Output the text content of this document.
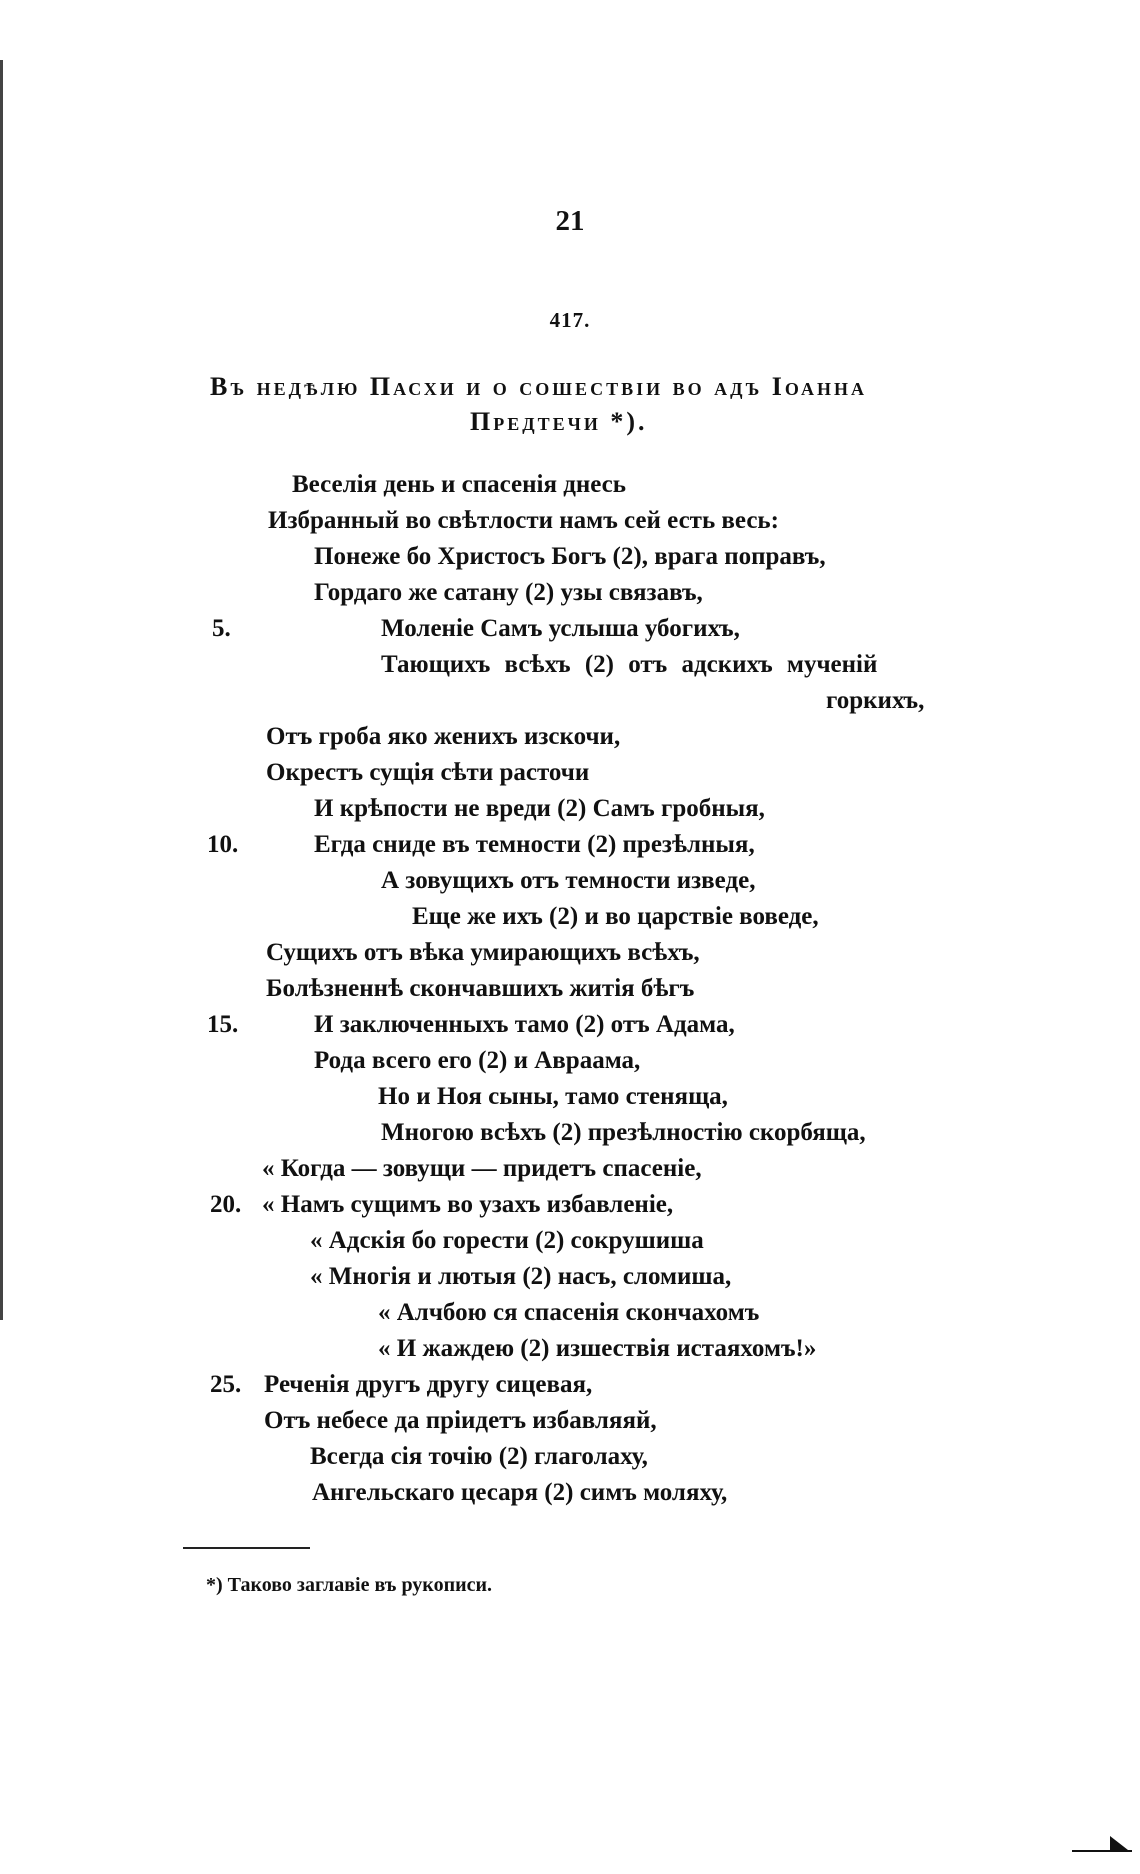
21
417.
Въ недѣлю Пасхи и о сошествіи во адъ Іоанна
Предтечи *).
Веселія день и спасенія днесь
Избранный во свѣтлости намъ сей есть весь:
Понеже бо Христосъ Богъ (2), врага поправъ,
Гордаго же сатану (2) узы связавъ,
5.	Моленіе Самъ услыша убогихъ,
Тающихъ всѣхъ (2) отъ адскихъ мученій
горкихъ,
Отъ гроба яко женихъ изскочи,
Окрестъ сущія сѣти расточи
И крѣпости не вреди (2) Самъ гробныя,
10.	Егда сниде въ темности (2) презѣлныя,
А зовущихъ отъ темности изведе,
Еще же ихъ (2) и во царствіе воведе,
Сущихъ отъ вѣка умирающихъ всѣхъ,
Болѣзненнѣ скончавшихъ житія бѣгъ
15.	И заключенныхъ тамо (2) отъ Адама,
Рода всего его (2) и Авраама,
Но и Ноя сыны, тамо стенящa,
Многою всѣхъ (2) презѣлностію скорбяща,
« Когда — зовущи — придетъ спасеніе,
20. « Намъ сущимъ во узахъ избавленіе,
« Адскія бо горести (2) сокрушиша
« Многія и лютыя (2) насъ, сломиша,
« Алчбою ся спасенія скончахомъ
« И жаждею (2) изшествія истаяхомъ!»
25. Реченія другъ другу сицевая,
Отъ небесе да пріидетъ избавляяй,
Всегда сія точію (2) глаголаху,
Ангельскаго цесаря (2) симъ моляху,
*) Таково заглавіе въ рукописи.
